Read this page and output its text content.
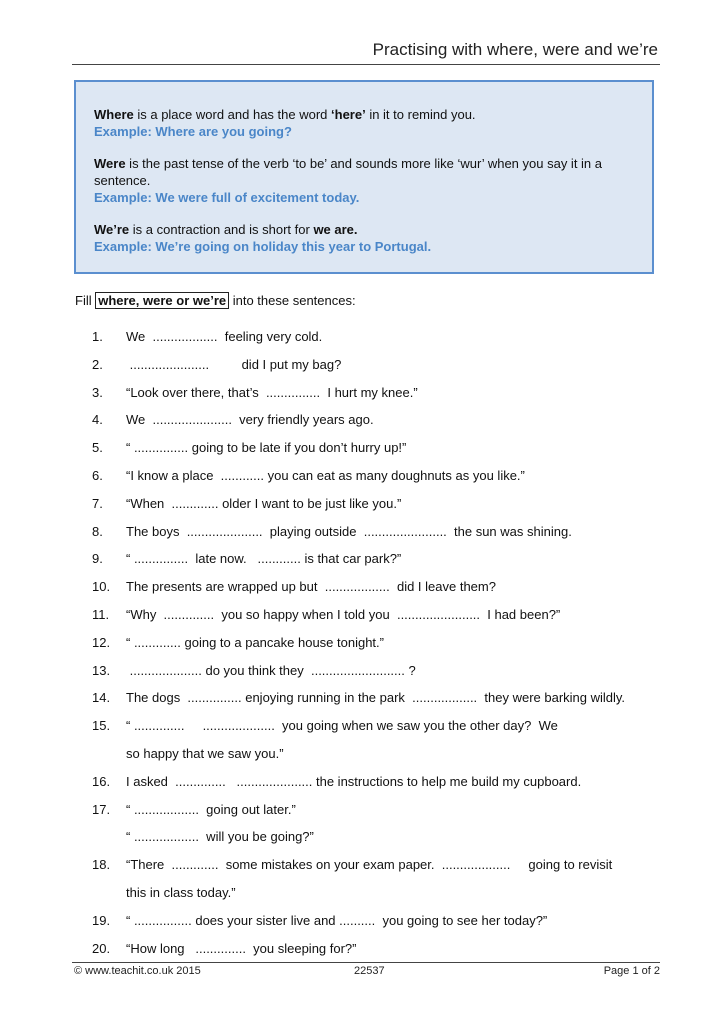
Practising with where, were and we’re

Where is a place word and has the word ‘here’ in it to remind you.

Example: Where are you going?

Were is the past tense of the verb ‘to be’ and sounds more like ‘wur’ when you say it in a sentence.

Example: We were full of excitement today.

We’re is a contraction and is short for we are.

Example: We’re going on holiday this year to Portugal.

Fill where, were or we’re into these sentences:
1.	We  ..................  feeling very cold.
2.	......................         did I put my bag?
3.	“Look over there, that’s  ...............  I hurt my knee.”
4.	We  ......................  very friendly years ago.
5.	“ ............... going to be late if you don’t hurry up!”
6.	“I know a place  ............ you can eat as many doughnuts as you like.”
7.	“When  ............. older I want to be just like you.”
8.	The boys  .....................  playing outside  .......................  the sun was shining.
9.	“ ...............  late now.   ............ is that car park?”
10.	The presents are wrapped up but  ..................  did I leave them?
11.	“Why  ..............  you so happy when I told you  .......................  I had been?”
12.	“ ............. going to a pancake house tonight.”
13.	.................... do you think they  .......................... ?
14.	The dogs  ............... enjoying running in the park  ..................  they were barking wildly.
15.	“ ..............     ....................  you going when we saw you the other day?  We
so happy that we saw you.”
16.	I asked  ..............   ..................... the instructions to help me build my cupboard.
17.	“ ..................  going out later.”
“ ..................  will you be going?”
18.	“There  .............  some mistakes on your exam paper.  ...................     going to revisit
this in class today.”
19.	“ ................ does your sister live and ..........  you going to see her today?”
20.	“How long   ..............  you sleeping for?”
© www.teachit.co.uk 2015	22537	Page 1 of 2
